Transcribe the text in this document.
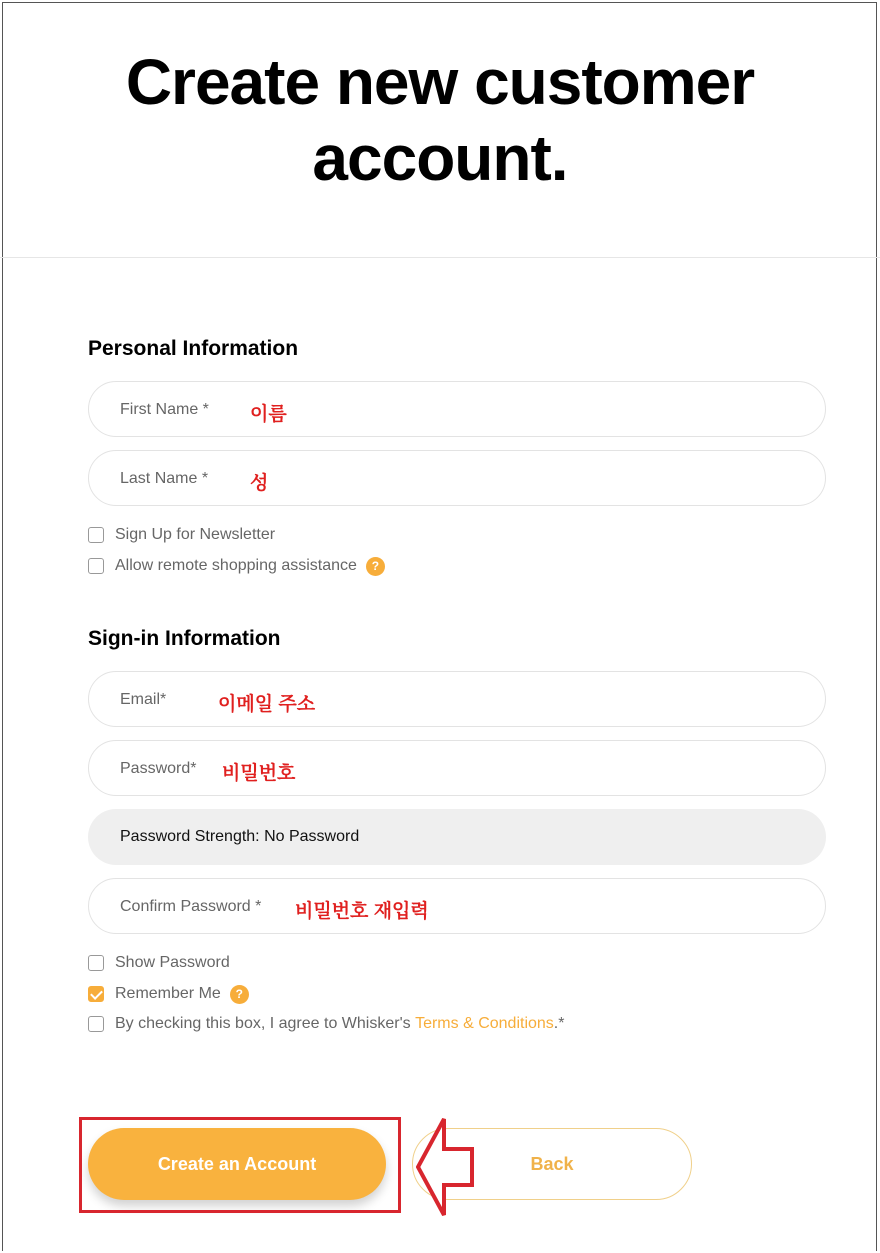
Create new customer account.
Personal Information
First Name * 이름
Last Name * 성
Sign Up for Newsletter
Allow remote shopping assistance	?
Sign-in Information
Email*	이메일 주소
Password* 비밀번호
Password Strength: No Password
Confirm Password * 비밀번호 재입력
Show Password
Remember Me	?
By checking this box, I agree to Whisker's Terms & Conditions .*
Create an Account	Back
